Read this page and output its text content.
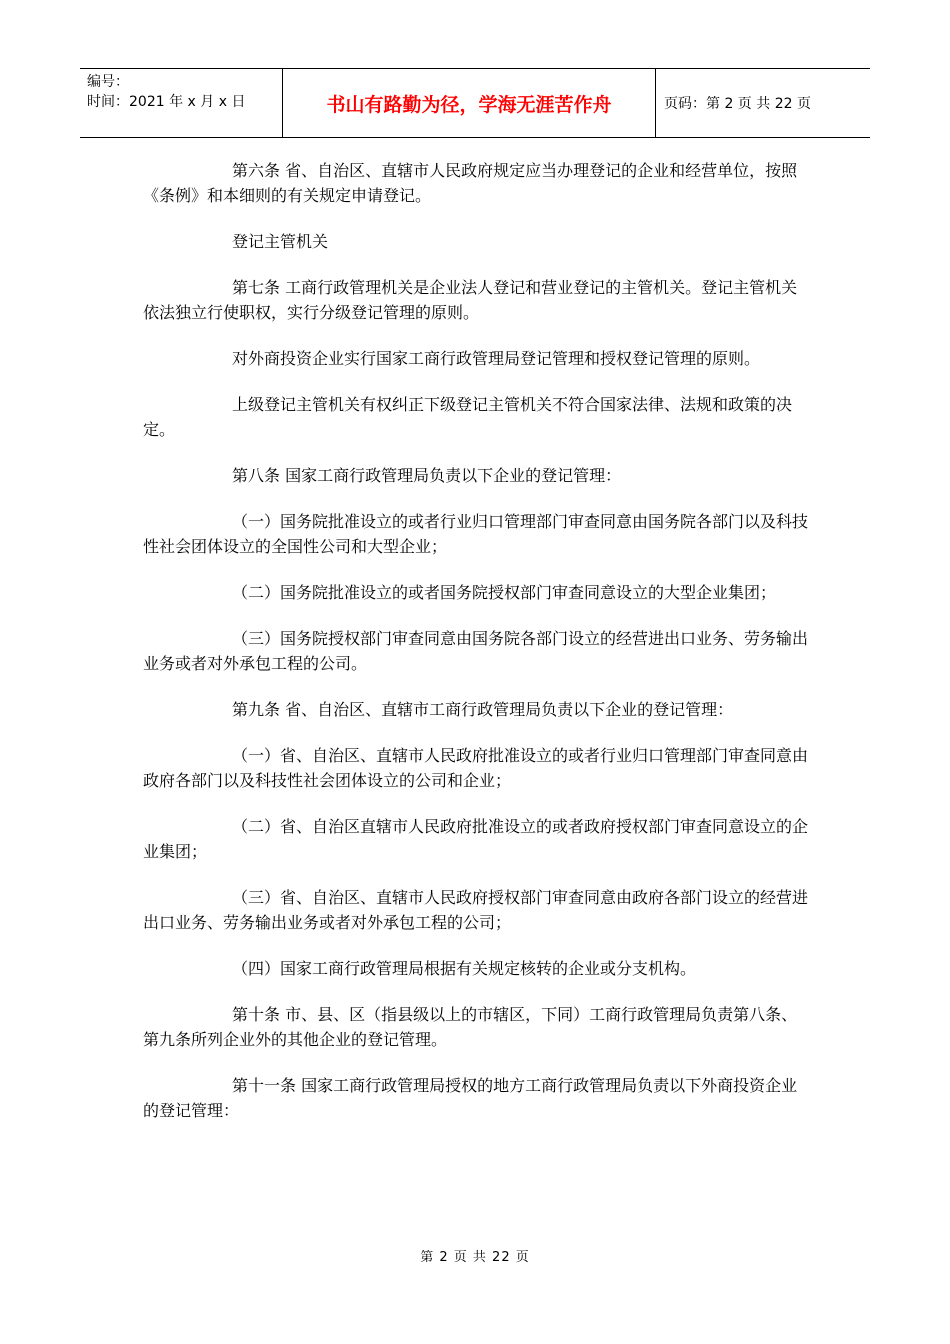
编号：
时间：2021 年 x 月 x 日	书山有路勤为径，学海无涯苦作舟	页码：第 2 页 共 22 页

第六条 省、自治区、直辖市人民政府规定应当办理登记的企业和经营单位，按照《条例》和本细则的有关规定申请登记。

登记主管机关

第七条 工商行政管理机关是企业法人登记和营业登记的主管机关。登记主管机关依法独立行使职权，实行分级登记管理的原则。

对外商投资企业实行国家工商行政管理局登记管理和授权登记管理的原则。

上级登记主管机关有权纠正下级登记主管机关不符合国家法律、法规和政策的决定。

第八条 国家工商行政管理局负责以下企业的登记管理：

（一）国务院批准设立的或者行业归口管理部门审查同意由国务院各部门以及科技性社会团体设立的全国性公司和大型企业；

（二）国务院批准设立的或者国务院授权部门审查同意设立的大型企业集团；

（三）国务院授权部门审查同意由国务院各部门设立的经营进出口业务、劳务输出业务或者对外承包工程的公司。

第九条 省、自治区、直辖市工商行政管理局负责以下企业的登记管理：

（一）省、自治区、直辖市人民政府批准设立的或者行业归口管理部门审查同意由政府各部门以及科技性社会团体设立的公司和企业；

（二）省、自治区直辖市人民政府批准设立的或者政府授权部门审查同意设立的企业集团；

（三）省、自治区、直辖市人民政府授权部门审查同意由政府各部门设立的经营进出口业务、劳务输出业务或者对外承包工程的公司；

（四）国家工商行政管理局根据有关规定核转的企业或分支机构。

第十条 市、县、区（指县级以上的市辖区，下同）工商行政管理局负责第八条、第九条所列企业外的其他企业的登记管理。

第十一条 国家工商行政管理局授权的地方工商行政管理局负责以下外商投资企业的登记管理：

第 2 页 共 22 页
